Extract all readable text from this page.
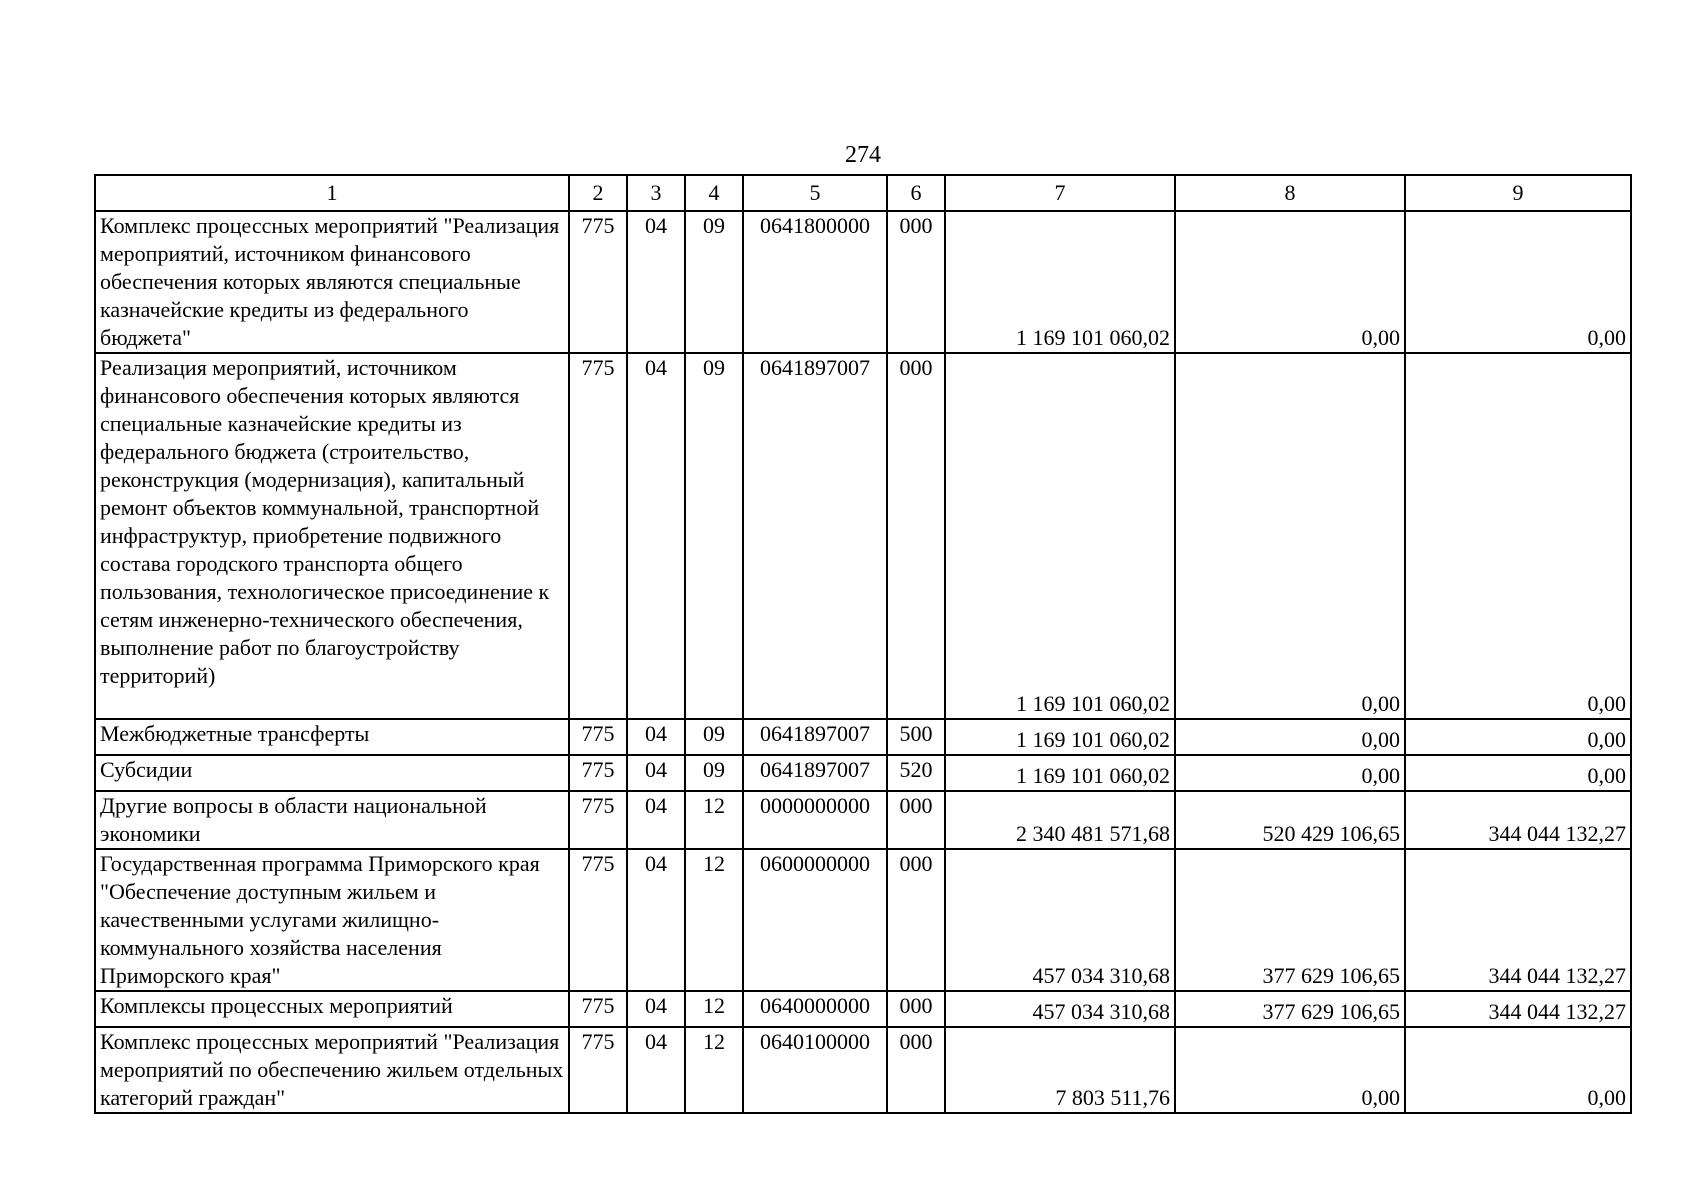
274
1	2	3	4	5	6	7	8	9
Комплекс процессных мероприятий "Реализация мероприятий, источником финансового обеспечения которых являются специальные казначейские кредиты из федерального бюджета"	775	04	09	0641800000	000	1 169 101 060,02	0,00	0,00
Реализация мероприятий, источником финансового обеспечения которых являются специальные казначейские кредиты из федерального бюджета (строительство, реконструкция (модернизация), капитальный ремонт объектов коммунальной, транспортной инфраструктур, приобретение подвижного состава городского транспорта общего пользования, технологическое присоединение к сетям инженерно-технического обеспечения, выполнение работ по благоустройству территорий)	775	04	09	0641897007	000	1 169 101 060,02	0,00	0,00
Межбюджетные трансферты	775	04	09	0641897007	500	1 169 101 060,02	0,00	0,00
Субсидии	775	04	09	0641897007	520	1 169 101 060,02	0,00	0,00
Другие вопросы в области национальной экономики	775	04	12	0000000000	000	2 340 481 571,68	520 429 106,65	344 044 132,27
Государственная программа Приморского края "Обеспечение доступным жильем и качественными услугами жилищно-коммунального хозяйства населения Приморского края"	775	04	12	0600000000	000	457 034 310,68	377 629 106,65	344 044 132,27
Комплексы процессных мероприятий	775	04	12	0640000000	000	457 034 310,68	377 629 106,65	344 044 132,27
Комплекс процессных мероприятий "Реализация мероприятий по обеспечению жильем отдельных категорий граждан"	775	04	12	0640100000	000	7 803 511,76	0,00	0,00
